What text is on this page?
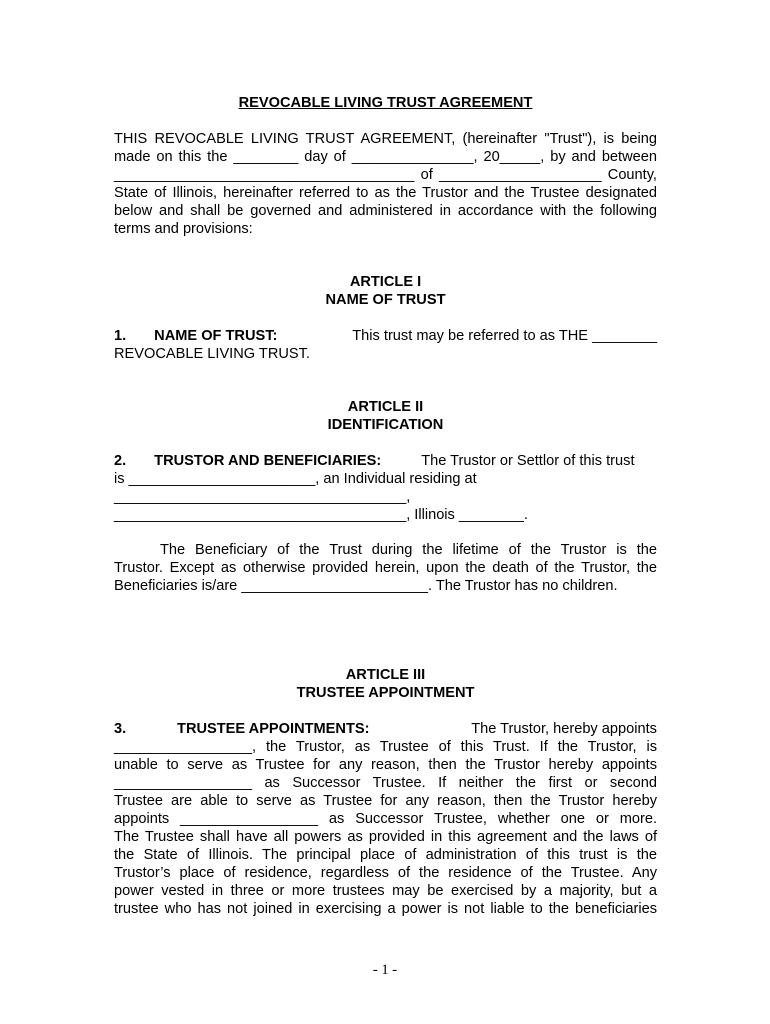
REVOCABLE LIVING TRUST AGREEMENT
THIS REVOCABLE LIVING TRUST AGREEMENT, (hereinafter "Trust"), is being
made on this the ________ day of _______________, 20_____, by and between
_____________________________________ of ____________________ County,
State of Illinois, hereinafter referred to as the Trustor and the Trustee designated
below and shall be governed and administered in accordance with the following
terms and provisions:
ARTICLE I
NAME OF TRUST
1. NAME OF TRUST:	This trust may be referred to as THE ________
REVOCABLE LIVING TRUST.
ARTICLE II
IDENTIFICATION
2. TRUSTOR AND BENEFICIARIES:	The Trustor or Settlor of this trust
is _______________________, an Individual residing at
____________________________________,
____________________________________, Illinois ________.
The Beneficiary of the Trust during the lifetime of the Trustor is the
Trustor. Except as otherwise provided herein, upon the death of the Trustor, the
Beneficiaries is/are _______________________. The Trustor has no children.
ARTICLE III
TRUSTEE APPOINTMENT
3.	TRUSTEE APPOINTMENTS:	The Trustor, hereby appoints
_________________, the Trustor, as Trustee of this Trust. If the Trustor, is
unable to serve as Trustee for any reason, then the Trustor hereby appoints
_________________ as Successor Trustee. If neither the first or second
Trustee are able to serve as Trustee for any reason, then the Trustor hereby
appoints _________________ as Successor Trustee, whether one or more.
The Trustee shall have all powers as provided in this agreement and the laws of
the State of Illinois. The principal place of administration of this trust is the
Trustor’s place of residence, regardless of the residence of the Trustee. Any
power vested in three or more trustees may be exercised by a majority, but a
trustee who has not joined in exercising a power is not liable to the beneficiaries
- 1 -
